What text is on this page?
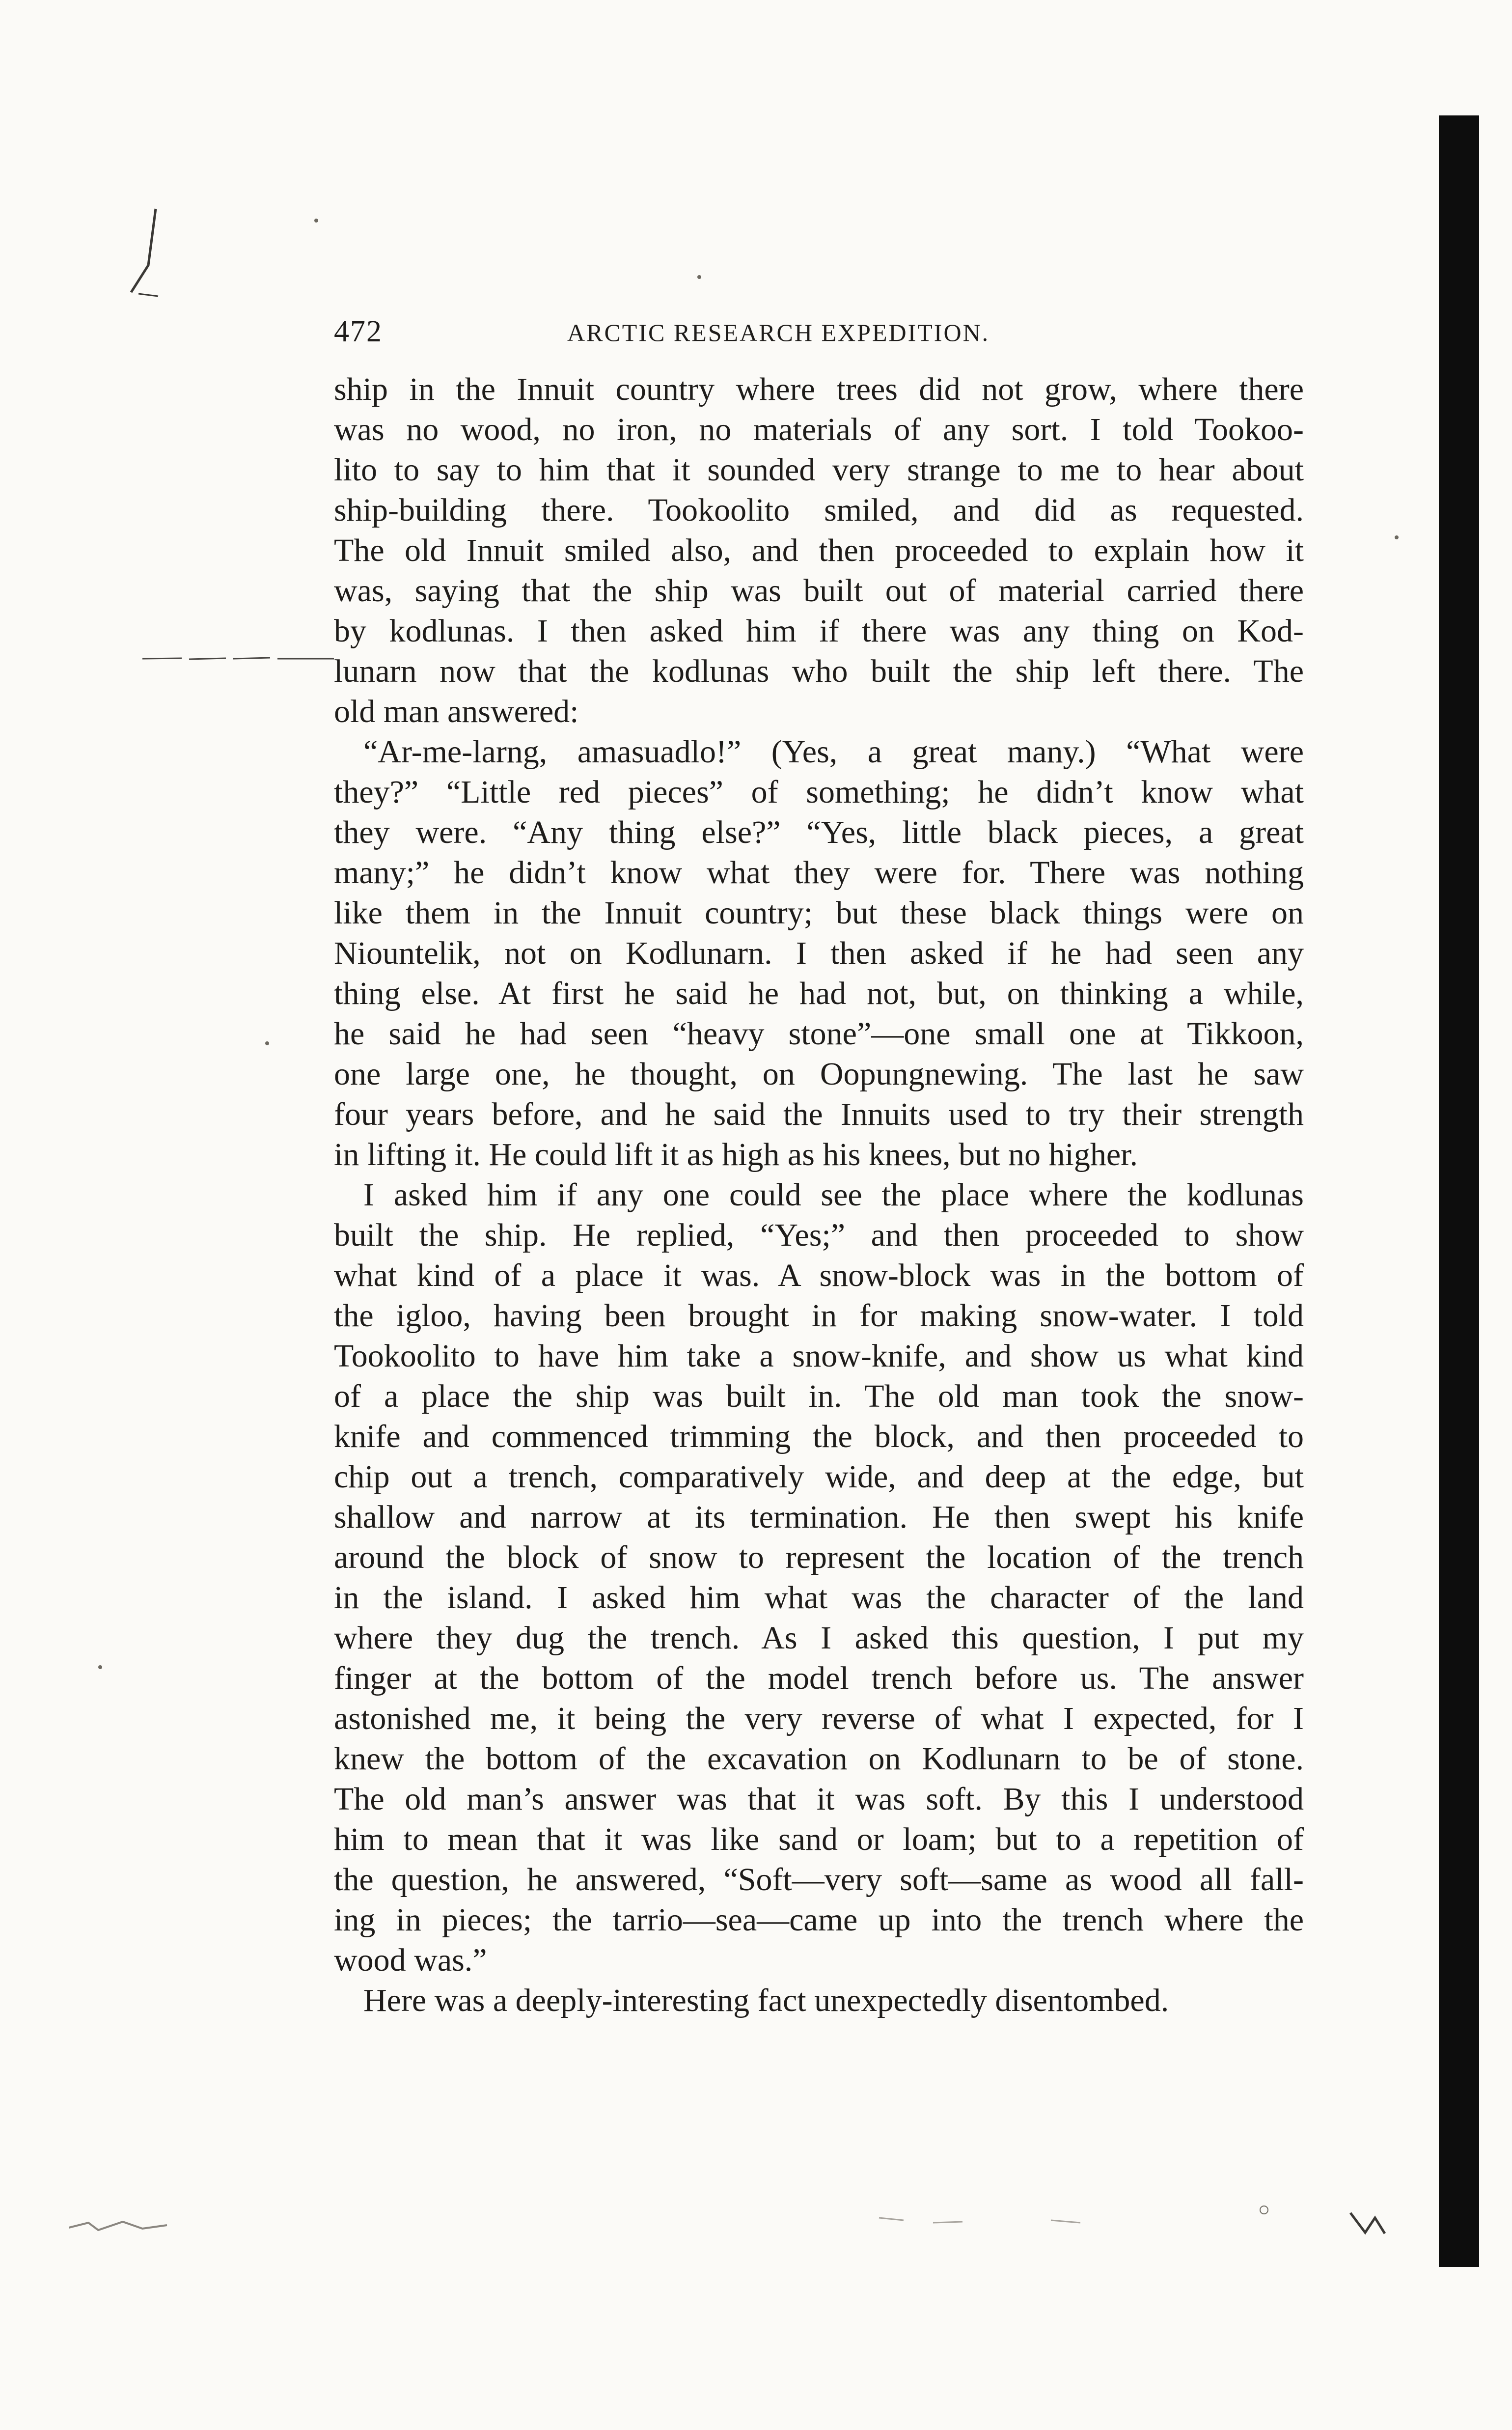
472	ARCTIC RESEARCH EXPEDITION.
ship in the Innuit country where trees did not grow, where there
was no wood, no iron, no materials of any sort. I told Tookoo-
lito to say to him that it sounded very strange to me to hear about
ship-building there. Tookoolito smiled, and did as requested.
The old Innuit smiled also, and then proceeded to explain how it
was, saying that the ship was built out of material carried there
by kodlunas. I then asked him if there was any thing on Kod-
lunarn now that the kodlunas who built the ship left there. The
old man answered:
“Ar-me-larng, amasuadlo!” (Yes, a great many.) “What were
they?” “Little red pieces” of something; he didn’t know what
they were. “Any thing else?” “Yes, little black pieces, a great
many;” he didn’t know what they were for. There was nothing
like them in the Innuit country; but these black things were on
Niountelik, not on Kodlunarn. I then asked if he had seen any
thing else. At first he said he had not, but, on thinking a while,
he said he had seen “heavy stone”—one small one at Tikkoon,
one large one, he thought, on Oopungnewing. The last he saw
four years before, and he said the Innuits used to try their strength
in lifting it. He could lift it as high as his knees, but no higher.
I asked him if any one could see the place where the kodlunas
built the ship. He replied, “Yes;” and then proceeded to show
what kind of a place it was. A snow-block was in the bottom of
the igloo, having been brought in for making snow-water. I told
Tookoolito to have him take a snow-knife, and show us what kind
of a place the ship was built in. The old man took the snow-
knife and commenced trimming the block, and then proceeded to
chip out a trench, comparatively wide, and deep at the edge, but
shallow and narrow at its termination. He then swept his knife
around the block of snow to represent the location of the trench
in the island. I asked him what was the character of the land
where they dug the trench. As I asked this question, I put my
finger at the bottom of the model trench before us. The answer
astonished me, it being the very reverse of what I expected, for I
knew the bottom of the excavation on Kodlunarn to be of stone.
The old man’s answer was that it was soft. By this I understood
him to mean that it was like sand or loam; but to a repetition of
the question, he answered, “Soft—very soft—same as wood all fall-
ing in pieces; the tarrio—sea—came up into the trench where the
wood was.”
Here was a deeply-interesting fact unexpectedly disentombed.
